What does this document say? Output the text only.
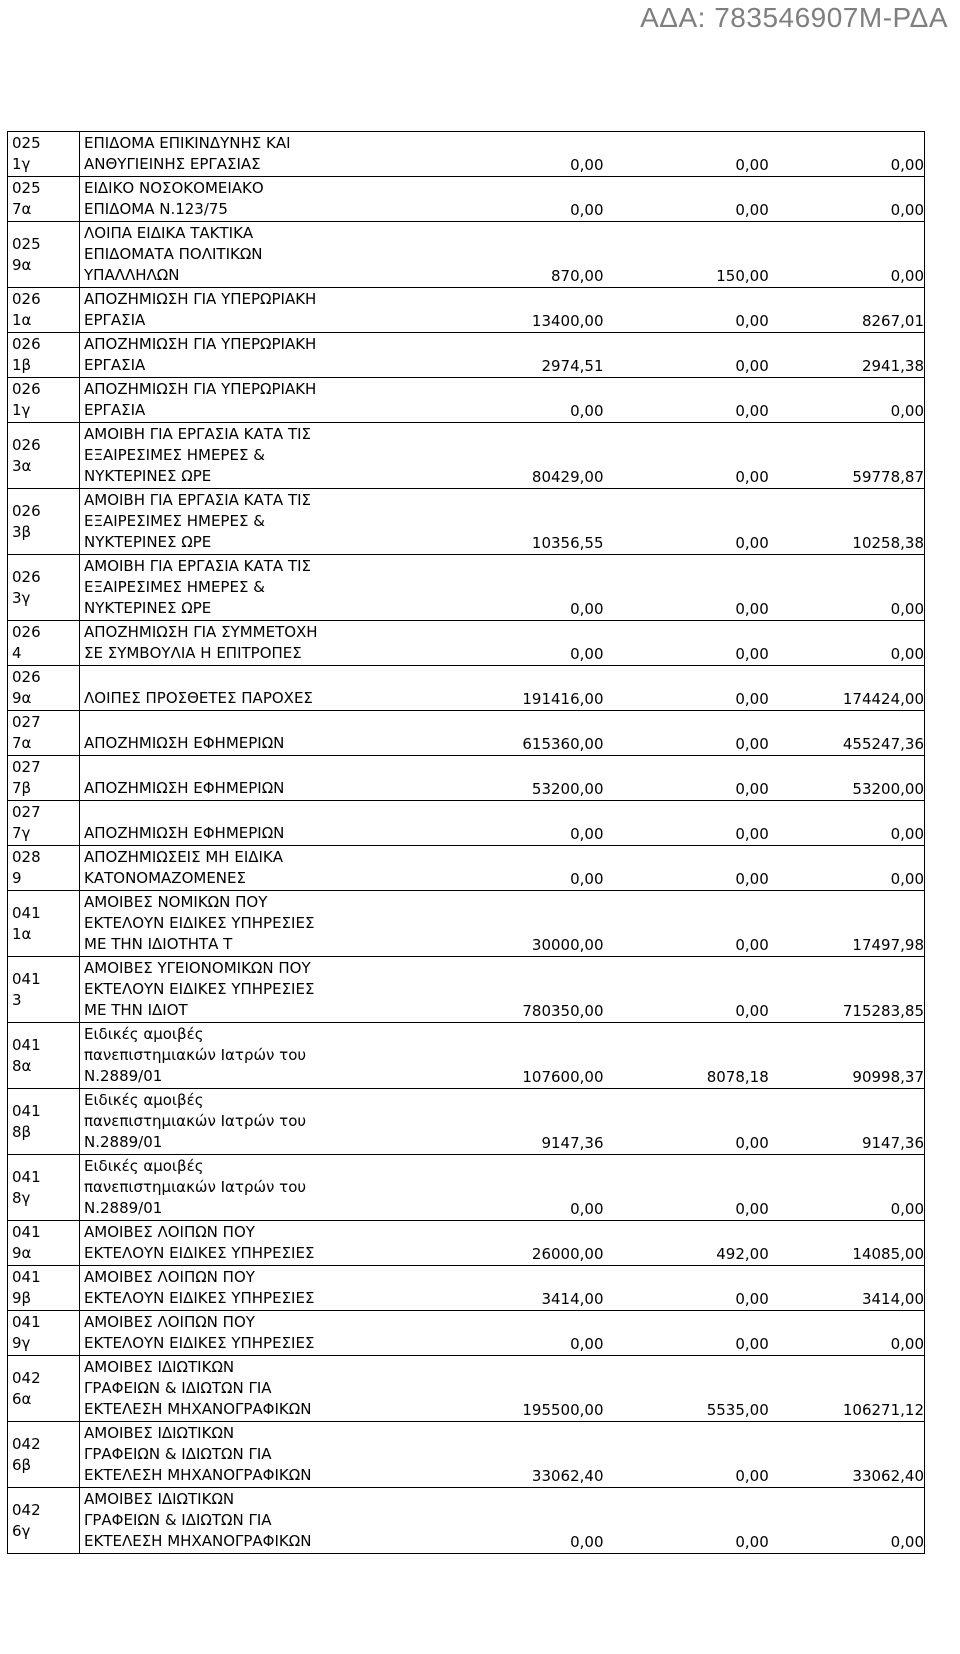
ΑΔΑ: 783546907Μ-ΡΔΑ
025
1γ	ΕΠΙΔΟΜΑ ΕΠΙΚΙΝΔΥΝΗΣ ΚΑΙ
ΑΝΘΥΓΙΕΙΝΗΣ ΕΡΓΑΣΙΑΣ	0,00 0,00 0,00

025
7α	ΕΙΔΙΚΟ ΝΟΣΟΚΟΜΕΙΑΚΟ
ΕΠΙΔΟΜΑ Ν.123/75	0,00 0,00 0,00

025
9α	ΛΟΙΠΑ ΕΙΔΙΚΑ ΤΑΚΤΙΚΑ
ΕΠΙΔΟΜΑΤΑ ΠΟΛΙΤΙΚΩΝ
ΥΠΑΛΛΗΛΩΝ	870,00 150,00 0,00

026
1α	ΑΠΟΖΗΜΙΩΣΗ ΓΙΑ ΥΠΕΡΩΡΙΑΚΗ
ΕΡΓΑΣΙΑ	13400,00 0,00 8267,01

026
1β	ΑΠΟΖΗΜΙΩΣΗ ΓΙΑ ΥΠΕΡΩΡΙΑΚΗ
ΕΡΓΑΣΙΑ	2974,51 0,00 2941,38

026
1γ	ΑΠΟΖΗΜΙΩΣΗ ΓΙΑ ΥΠΕΡΩΡΙΑΚΗ
ΕΡΓΑΣΙΑ	0,00 0,00 0,00

026
3α	ΑΜΟΙΒΗ ΓΙΑ ΕΡΓΑΣΙΑ ΚΑΤΑ ΤΙΣ
ΕΞΑΙΡΕΣΙΜΕΣ ΗΜΕΡΕΣ &
ΝΥΚΤΕΡΙΝΕΣ ΩΡΕ	80429,00 0,00 59778,87

026
3β	ΑΜΟΙΒΗ ΓΙΑ ΕΡΓΑΣΙΑ ΚΑΤΑ ΤΙΣ
ΕΞΑΙΡΕΣΙΜΕΣ ΗΜΕΡΕΣ &
ΝΥΚΤΕΡΙΝΕΣ ΩΡΕ	10356,55 0,00 10258,38

026
3γ	ΑΜΟΙΒΗ ΓΙΑ ΕΡΓΑΣΙΑ ΚΑΤΑ ΤΙΣ
ΕΞΑΙΡΕΣΙΜΕΣ ΗΜΕΡΕΣ &
ΝΥΚΤΕΡΙΝΕΣ ΩΡΕ	0,00 0,00 0,00

026
4	ΑΠΟΖΗΜΙΩΣΗ ΓΙΑ ΣΥΜΜΕΤΟΧΗ
ΣΕ ΣΥΜΒΟΥΛΙΑ Η ΕΠΙΤΡΟΠΕΣ	0,00 0,00 0,00

026
9α	ΛΟΙΠΕΣ ΠΡΟΣΘΕΤΕΣ ΠΑΡΟΧΕΣ	191416,00 0,00 174424,00

027
7α	ΑΠΟΖΗΜΙΩΣΗ ΕΦΗΜΕΡΙΩΝ	615360,00 0,00 455247,36

027
7β	ΑΠΟΖΗΜΙΩΣΗ ΕΦΗΜΕΡΙΩΝ	53200,00 0,00 53200,00

027
7γ	ΑΠΟΖΗΜΙΩΣΗ ΕΦΗΜΕΡΙΩΝ	0,00 0,00 0,00

028
9	ΑΠΟΖΗΜΙΩΣΕΙΣ ΜΗ ΕΙΔΙΚΑ
ΚΑΤΟΝΟΜΑΖΟΜΕΝΕΣ	0,00 0,00 0,00

041
1α	ΑΜΟΙΒΕΣ ΝΟΜΙΚΩΝ ΠΟΥ
ΕΚΤΕΛΟΥΝ ΕΙΔΙΚΕΣ ΥΠΗΡΕΣΙΕΣ
ΜΕ ΤΗΝ ΙΔΙΟΤΗΤΑ Τ	30000,00 0,00 17497,98

041
3	ΑΜΟΙΒΕΣ ΥΓΕΙΟΝΟΜΙΚΩΝ ΠΟΥ
ΕΚΤΕΛΟΥΝ ΕΙΔΙΚΕΣ ΥΠΗΡΕΣΙΕΣ
ΜΕ ΤΗΝ ΙΔΙΟΤ	780350,00 0,00 715283,85

041
8α	Ειδικές αμοιβές
πανεπιστημιακών Ιατρών του
Ν.2889/01	107600,00 8078,18 90998,37

041
8β	Ειδικές αμοιβές
πανεπιστημιακών Ιατρών του
Ν.2889/01	9147,36 0,00 9147,36

041
8γ	Ειδικές αμοιβές
πανεπιστημιακών Ιατρών του
Ν.2889/01	0,00 0,00 0,00

041
9α	ΑΜΟΙΒΕΣ ΛΟΙΠΩΝ ΠΟΥ
ΕΚΤΕΛΟΥΝ ΕΙΔΙΚΕΣ ΥΠΗΡΕΣΙΕΣ	26000,00 492,00 14085,00

041
9β	ΑΜΟΙΒΕΣ ΛΟΙΠΩΝ ΠΟΥ
ΕΚΤΕΛΟΥΝ ΕΙΔΙΚΕΣ ΥΠΗΡΕΣΙΕΣ	3414,00 0,00 3414,00

041
9γ	ΑΜΟΙΒΕΣ ΛΟΙΠΩΝ ΠΟΥ
ΕΚΤΕΛΟΥΝ ΕΙΔΙΚΕΣ ΥΠΗΡΕΣΙΕΣ	0,00 0,00 0,00

042
6α	ΑΜΟΙΒΕΣ ΙΔΙΩΤΙΚΩΝ
ΓΡΑΦΕΙΩΝ & ΙΔΙΩΤΩΝ ΓΙΑ
ΕΚΤΕΛΕΣΗ ΜΗΧΑΝΟΓΡΑΦΙΚΩΝ	195500,00 5535,00 106271,12

042
6β	ΑΜΟΙΒΕΣ ΙΔΙΩΤΙΚΩΝ
ΓΡΑΦΕΙΩΝ & ΙΔΙΩΤΩΝ ΓΙΑ
ΕΚΤΕΛΕΣΗ ΜΗΧΑΝΟΓΡΑΦΙΚΩΝ	33062,40 0,00 33062,40

042
6γ	ΑΜΟΙΒΕΣ ΙΔΙΩΤΙΚΩΝ
ΓΡΑΦΕΙΩΝ & ΙΔΙΩΤΩΝ ΓΙΑ
ΕΚΤΕΛΕΣΗ ΜΗΧΑΝΟΓΡΑΦΙΚΩΝ	0,00 0,00 0,00
